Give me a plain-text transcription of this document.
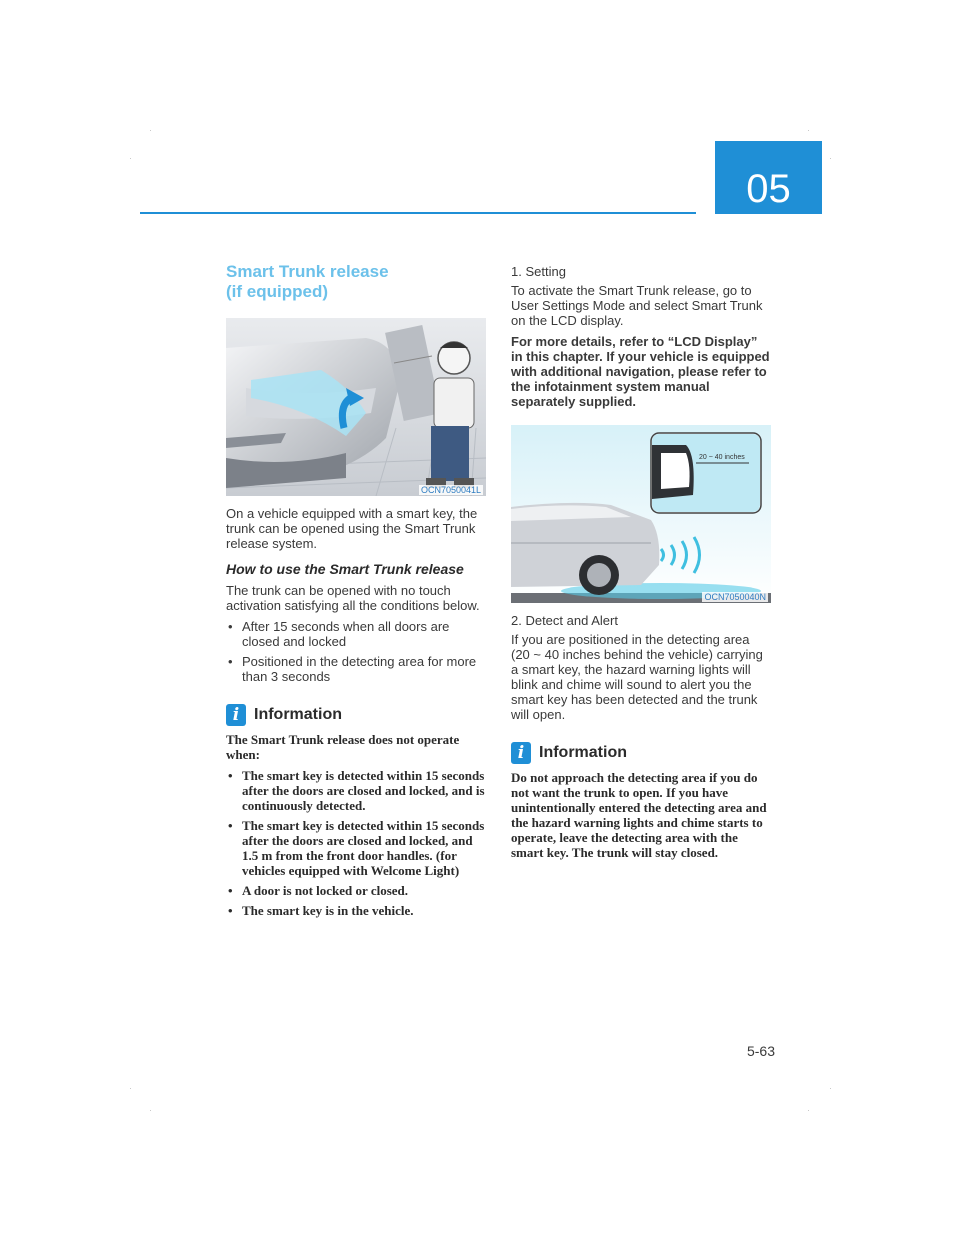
05

Smart Trunk release

(if equipped)

OCN7050041L

On a vehicle equipped with a smart key, the trunk can be opened using the Smart Trunk release system.

How to use the Smart Trunk release

The trunk can be opened with no touch activation satisfying all the conditions below.

• After 15 seconds when all doors are closed and locked
• Positioned in the detecting area for more than 3 seconds
i Information

The Smart Trunk release does not operate when:

• The smart key is detected within 15 seconds after the doors are closed and locked, and is continuously detected.
• The smart key is detected within 15 seconds after the doors are closed and locked, and 1.5 m from the front door handles. (for vehicles equipped with Welcome Light)
• A door is not locked or closed.
• The smart key is in the vehicle.

1. Setting

To activate the Smart Trunk release, go to User Settings Mode and select Smart Trunk on the LCD display.

For more details, refer to “LCD Display” in this chapter. If your vehicle is equipped with additional navigation, please refer to the infotainment system manual separately supplied.

20 ~ 40 inches
OCN7050040N

2. Detect and Alert

If you are positioned in the detecting area (20 ~ 40 inches behind the vehicle) carrying a smart key, the hazard warning lights will blink and chime will sound to alert you the smart key has been detected and the trunk will open.

i Information

Do not approach the detecting area if you do not want the trunk to open. If you have unintentionally entered the detecting area and the hazard warning lights and chime starts to operate, leave the detecting area with the smart key. The trunk will stay closed.

5-63
